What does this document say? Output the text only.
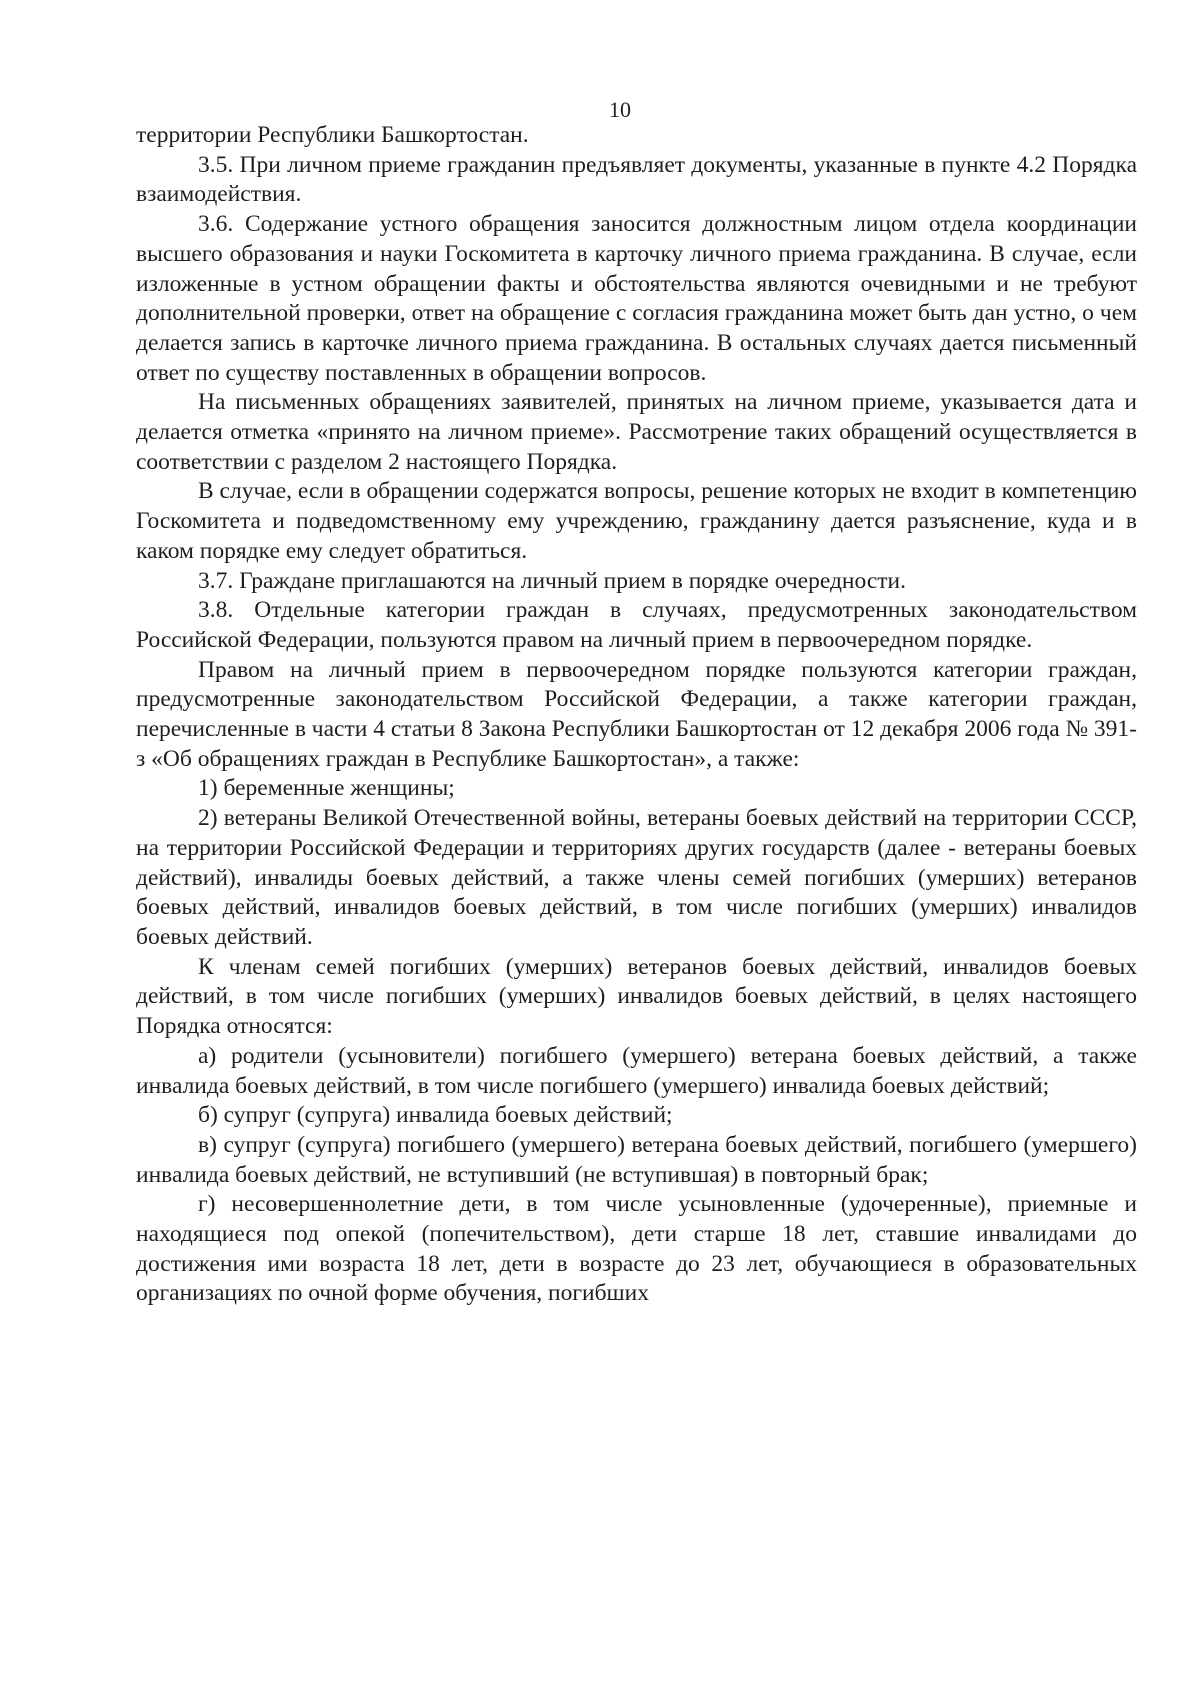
10

территории Республики Башкортостан.

3.5. При личном приеме гражданин предъявляет документы, указанные в пункте 4.2 Порядка взаимодействия.

3.6. Содержание устного обращения заносится должностным лицом отдела координации высшего образования и науки Госкомитета в карточку личного приема гражданина. В случае, если изложенные в устном обращении факты и обстоятельства являются очевидными и не требуют дополнительной проверки, ответ на обращение с согласия гражданина может быть дан устно, о чем делается запись в карточке личного приема гражданина. В остальных случаях дается письменный ответ по существу поставленных в обращении вопросов.

На письменных обращениях заявителей, принятых на личном приеме, указывается дата и делается отметка «принято на личном приеме». Рассмотрение таких обращений осуществляется в соответствии с разделом 2 настоящего Порядка.

В случае, если в обращении содержатся вопросы, решение которых не входит в компетенцию Госкомитета и подведомственному ему учреждению, гражданину дается разъяснение, куда и в каком порядке ему следует обратиться.

3.7. Граждане приглашаются на личный прием в порядке очередности.

3.8. Отдельные категории граждан в случаях, предусмотренных законодательством Российской Федерации, пользуются правом на личный прием в первоочередном порядке.

Правом на личный прием в первоочередном порядке пользуются категории граждан, предусмотренные законодательством Российской Федерации, а также категории граждан, перечисленные в части 4 статьи 8 Закона Республики Башкортостан от 12 декабря 2006 года № 391-з «Об обращениях граждан в Республике Башкортостан», а также:

1) беременные женщины;

2) ветераны Великой Отечественной войны, ветераны боевых действий на территории СССР, на территории Российской Федерации и территориях других государств (далее - ветераны боевых действий), инвалиды боевых действий, а также члены семей погибших (умерших) ветеранов боевых действий, инвалидов боевых действий, в том числе погибших (умерших) инвалидов боевых действий.

К членам семей погибших (умерших) ветеранов боевых действий, инвалидов боевых действий, в том числе погибших (умерших) инвалидов боевых действий, в целях настоящего Порядка относятся:

а) родители (усыновители) погибшего (умершего) ветерана боевых действий, а также инвалида боевых действий, в том числе погибшего (умершего) инвалида боевых действий;

б) супруг (супруга) инвалида боевых действий;

в) супруг (супруга) погибшего (умершего) ветерана боевых действий, погибшего (умершего) инвалида боевых действий, не вступивший (не вступившая) в повторный брак;

г) несовершеннолетние дети, в том числе усыновленные (удочеренные), приемные и находящиеся под опекой (попечительством), дети старше 18 лет, ставшие инвалидами до достижения ими возраста 18 лет, дети в возрасте до 23 лет, обучающиеся в образовательных организациях по очной форме обучения, погибших
